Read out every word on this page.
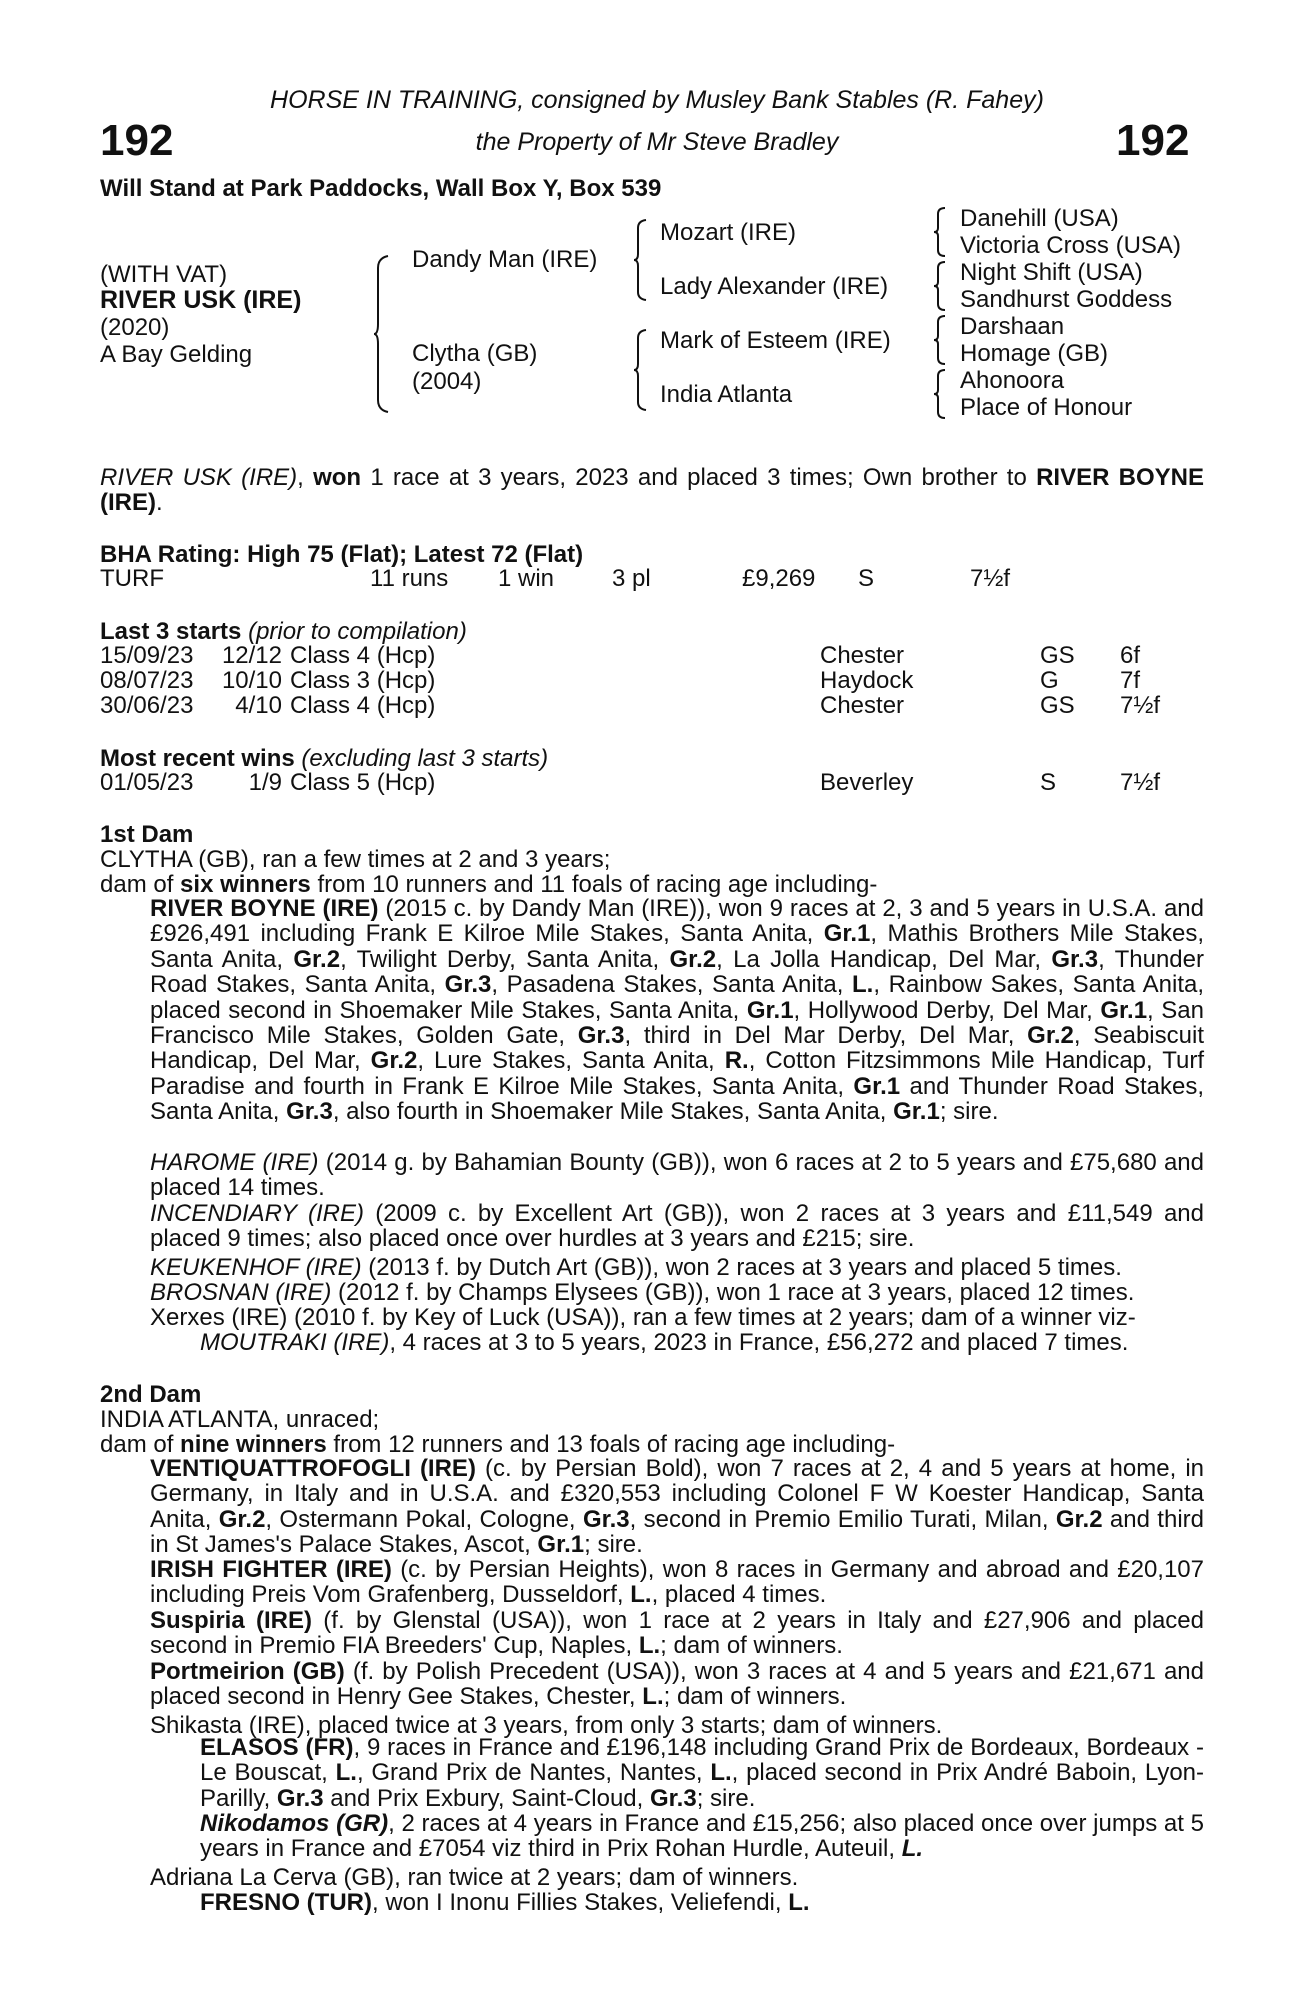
HORSE IN TRAINING, consigned by Musley Bank Stables (R. Fahey)
the Property of Mr Steve Bradley
192	192
Will Stand at Park Paddocks, Wall Box Y, Box 539
(WITH VAT)
RIVER USK (IRE)
(2020)
A Bay Gelding
Dandy Man (IRE)
Clytha (GB)
(2004)
Mozart (IRE)
Lady Alexander (IRE)
Mark of Esteem (IRE)
India Atlanta
Danehill (USA)
Victoria Cross (USA)
Night Shift (USA)
Sandhurst Goddess
Darshaan
Homage (GB)
Ahonoora
Place of Honour
RIVER USK (IRE), won 1 race at 3 years, 2023 and placed 3 times; Own brother to RIVER BOYNE (IRE).
BHA Rating: High 75 (Flat); Latest 72 (Flat)
TURF	11 runs 1 win 3 pl	£9,269 S	7½f
Last 3 starts (prior to compilation)
15/09/23 12/12 Class 4 (Hcp)	Chester	GS 6f
08/07/23 10/10 Class 3 (Hcp)	Haydock	G	7f
30/06/23 4/10 Class 4 (Hcp)	Chester	GS 7½f
Most recent wins (excluding last 3 starts)
01/05/23 1/9 Class 5 (Hcp)	Beverley	S	7½f
1st Dam
CLYTHA (GB), ran a few times at 2 and 3 years;
dam of six winners from 10 runners and 11 foals of racing age including-
RIVER BOYNE (IRE) (2015 c. by Dandy Man (IRE)), won 9 races at 2, 3 and 5 years in U.S.A. and £926,491 including Frank E Kilroe Mile Stakes, Santa Anita, Gr.1, Mathis Brothers Mile Stakes, Santa Anita, Gr.2, Twilight Derby, Santa Anita, Gr.2, La Jolla Handicap, Del Mar, Gr.3, Thunder Road Stakes, Santa Anita, Gr.3, Pasadena Stakes, Santa Anita, L., Rainbow Sakes, Santa Anita, placed second in Shoemaker Mile Stakes, Santa Anita, Gr.1, Hollywood Derby, Del Mar, Gr.1, San Francisco Mile Stakes, Golden Gate, Gr.3, third in Del Mar Derby, Del Mar, Gr.2, Seabiscuit Handicap, Del Mar, Gr.2, Lure Stakes, Santa Anita, R., Cotton Fitzsimmons Mile Handicap, Turf Paradise and fourth in Frank E Kilroe Mile Stakes, Santa Anita, Gr.1 and Thunder Road Stakes, Santa Anita, Gr.3, also fourth in Shoemaker Mile Stakes, Santa Anita, Gr.1; sire.
HAROME (IRE) (2014 g. by Bahamian Bounty (GB)), won 6 races at 2 to 5 years and £75,680 and placed 14 times.
INCENDIARY (IRE) (2009 c. by Excellent Art (GB)), won 2 races at 3 years and £11,549 and placed 9 times; also placed once over hurdles at 3 years and £215; sire.
KEUKENHOF (IRE) (2013 f. by Dutch Art (GB)), won 2 races at 3 years and placed 5 times.
BROSNAN (IRE) (2012 f. by Champs Elysees (GB)), won 1 race at 3 years, placed 12 times.
Xerxes (IRE) (2010 f. by Key of Luck (USA)), ran a few times at 2 years; dam of a winner viz-
MOUTRAKI (IRE), 4 races at 3 to 5 years, 2023 in France, £56,272 and placed 7 times.
2nd Dam
INDIA ATLANTA, unraced;
dam of nine winners from 12 runners and 13 foals of racing age including-
VENTIQUATTROFOGLI (IRE) (c. by Persian Bold), won 7 races at 2, 4 and 5 years at home, in Germany, in Italy and in U.S.A. and £320,553 including Colonel F W Koester Handicap, Santa Anita, Gr.2, Ostermann Pokal, Cologne, Gr.3, second in Premio Emilio Turati, Milan, Gr.2 and third in St James's Palace Stakes, Ascot, Gr.1; sire.
IRISH FIGHTER (IRE) (c. by Persian Heights), won 8 races in Germany and abroad and £20,107 including Preis Vom Grafenberg, Dusseldorf, L., placed 4 times.
Suspiria (IRE) (f. by Glenstal (USA)), won 1 race at 2 years in Italy and £27,906 and placed second in Premio FIA Breeders' Cup, Naples, L.; dam of winners.
Portmeirion (GB) (f. by Polish Precedent (USA)), won 3 races at 4 and 5 years and £21,671 and placed second in Henry Gee Stakes, Chester, L.; dam of winners.
Shikasta (IRE), placed twice at 3 years, from only 3 starts; dam of winners.
ELASOS (FR), 9 races in France and £196,148 including Grand Prix de Bordeaux, Bordeaux - Le Bouscat, L., Grand Prix de Nantes, Nantes, L., placed second in Prix André Baboin, Lyon-Parilly, Gr.3 and Prix Exbury, Saint-Cloud, Gr.3; sire.
Nikodamos (GR), 2 races at 4 years in France and £15,256; also placed once over jumps at 5 years in France and £7054 viz third in Prix Rohan Hurdle, Auteuil, L.
Adriana La Cerva (GB), ran twice at 2 years; dam of winners.
FRESNO (TUR), won I Inonu Fillies Stakes, Veliefendi, L.
